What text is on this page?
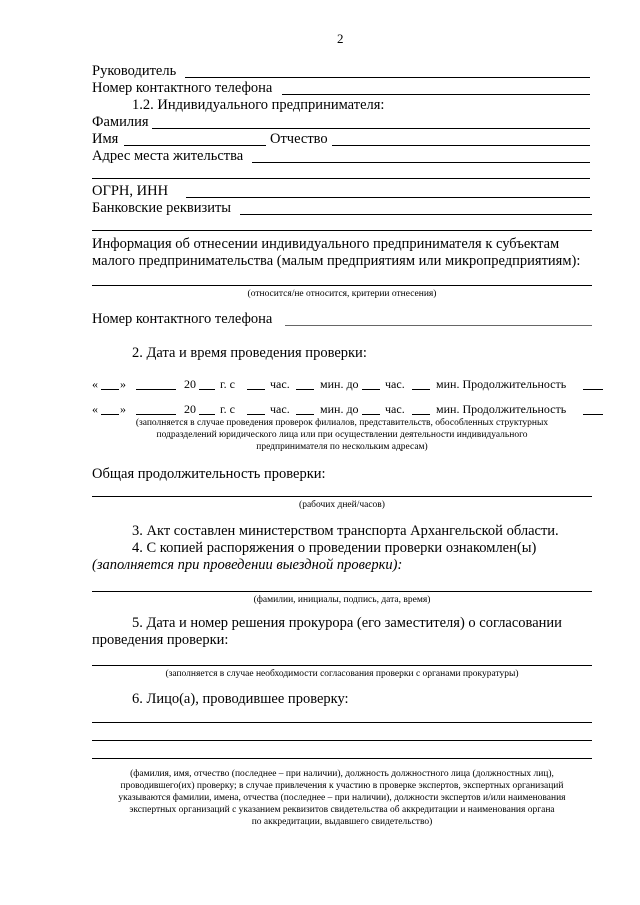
2
Руководитель
Номер контактного телефона
1.2. Индивидуального предпринимателя:
Фамилия
Имя	Отчество
Адрес места жительства
ОГРН, ИНН
Банковские реквизиты
Информация об отнесении индивидуального предпринимателя к субъектам
малого предпринимательства (малым предприятиям или микропредприятиям):
(относится/не относится, критерии отнесения)
Номер контактного телефона
2. Дата и время проведения проверки:
« »	20 г. с	час.	мин. до час.	мин. Продолжительность
« »	20 г. с	час.	мин. до час.	мин. Продолжительность
(заполняется в случае проведения проверок филиалов, представительств, обособленных структурных
подразделений юридического лица или при осуществлении деятельности индивидуального
предпринимателя по нескольким адресам)
Общая продолжительность проверки:
(рабочих дней/часов)
3. Акт составлен министерством транспорта Архангельской области.
4. С копией распоряжения о проведении проверки ознакомлен(ы)
(заполняется при проведении выездной проверки):
(фамилии, инициалы, подпись, дата, время)
5. Дата и номер решения прокурора (его заместителя) о согласовании
проведения проверки:
(заполняется в случае необходимости согласования проверки с органами прокуратуры)
6. Лицо(а), проводившее проверку:
(фамилия, имя, отчество (последнее – при наличии), должность должностного лица (должностных лиц),
проводившего(их) проверку; в случае привлечения к участию в проверке экспертов, экспертных организаций
указываются фамилии, имена, отчества (последнее – при наличии), должности экспертов и/или наименования
экспертных организаций с указанием реквизитов свидетельства об аккредитации и наименования органа
по аккредитации, выдавшего свидетельство)
